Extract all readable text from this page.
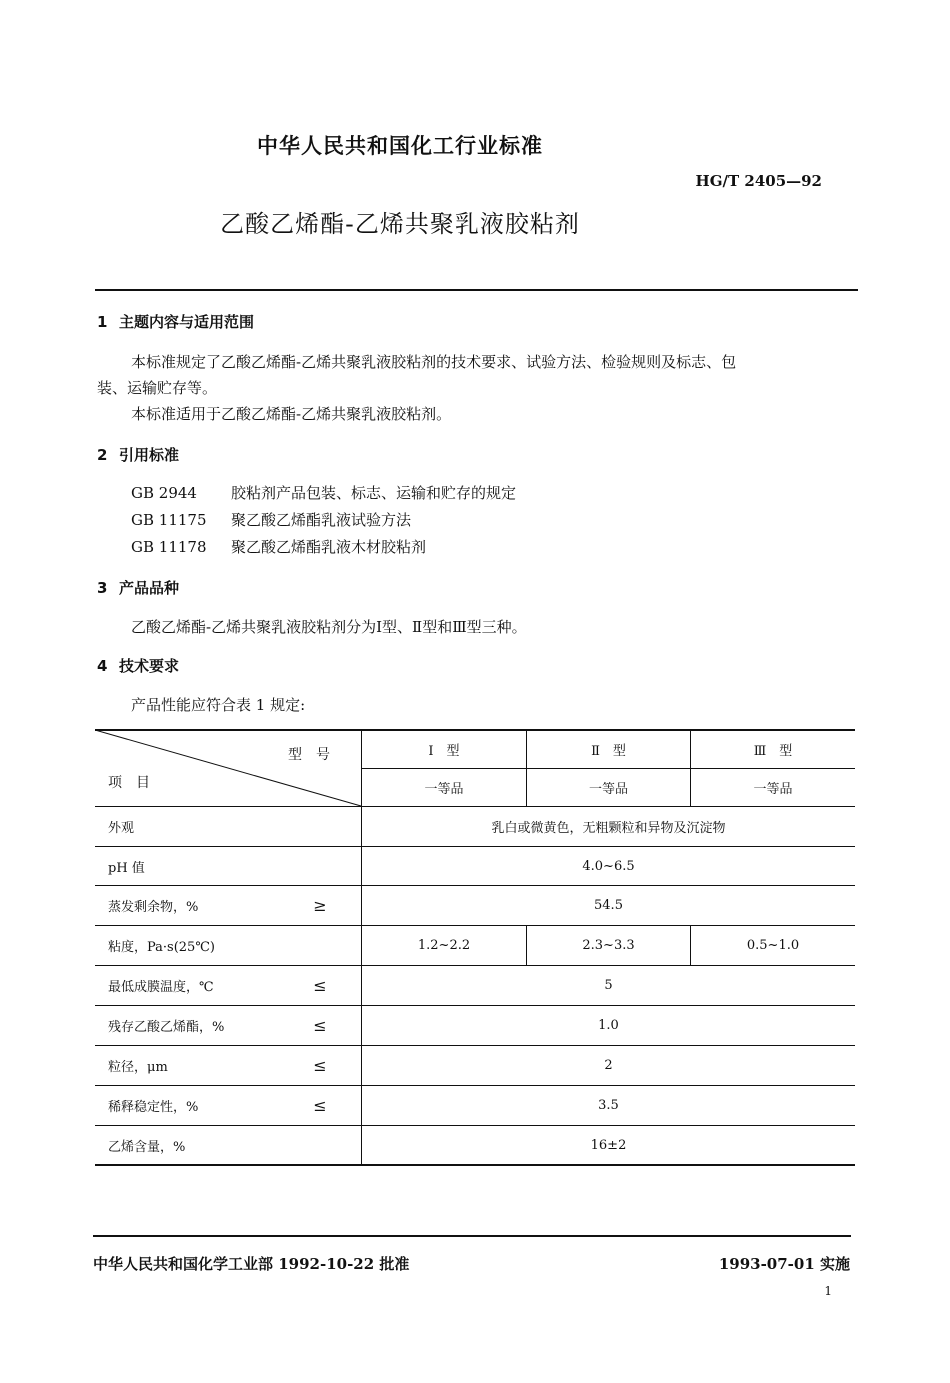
中华人民共和国化工行业标准
HG/T 2405—92
乙酸乙烯酯-乙烯共聚乳液胶粘剂
1 主题内容与适用范围
本标准规定了乙酸乙烯酯-乙烯共聚乳液胶粘剂的技术要求、试验方法、检验规则及标志、包
装、运输贮存等。
本标准适用于乙酸乙烯酯-乙烯共聚乳液胶粘剂。
2 引用标准
GB 2944 胶粘剂产品包装、标志、运输和贮存的规定
GB 11175 聚乙酸乙烯酯乳液试验方法
GB 11178 聚乙酸乙烯酯乳液木材胶粘剂
3 产品品种
乙酸乙烯酯-乙烯共聚乳液胶粘剂分为Ⅰ型、Ⅱ型和Ⅲ型三种。
4 技术要求
产品性能应符合表 1 规定:
型　号
项　目
Ⅰ　型	Ⅱ　型	Ⅲ　型
一等品	一等品	一等品
外观	乳白或微黄色，无粗颗粒和异物及沉淀物
pH 值	4.0~6.5
蒸发剩余物，%	≥	54.5
粘度，Pa·s(25℃)	1.2~2.2	2.3~3.3	0.5~1.0
最低成膜温度，℃	≤	5
残存乙酸乙烯酯，%	≤	1.0
粒径，μm	≤	2
稀释稳定性，%	≤	3.5
乙烯含量，%	16±2
中华人民共和国化学工业部 1992-10-22 批准	1993-07-01 实施
1
